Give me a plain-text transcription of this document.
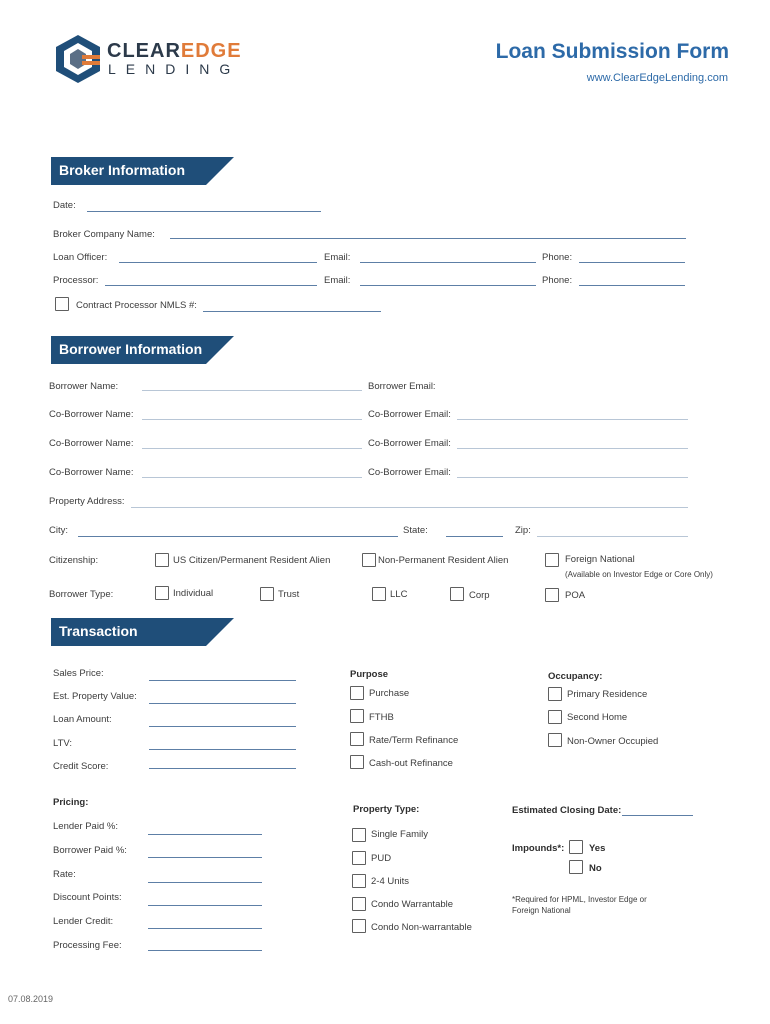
CLEAREDGE
LENDING
Loan Submission Form
www.ClearEdgeLending.com
Broker Information
Date:
Broker Company Name:
Loan Officer:	Email:	Phone:
Processor:	Email:	Phone:
Contract Processor NMLS #:
Borrower Information
Borrower Name:	Borrower Email:
Co-Borrower Name:	Co-Borrower Email:
Co-Borrower Name:	Co-Borrower Email:
Co-Borrower Name:	Co-Borrower Email:
Property Address:
City:	State:	Zip:
Citizenship:	US Citizen/Permanent Resident Alien	Non-Permanent Resident Alien	Foreign National
(Available on Investor Edge or Core Only)
Borrower Type:	Individual	Trust	LLC	Corp	POA
Transaction
Sales Price:
Est. Property Value:
Loan Amount:
LTV:
Credit Score:
Purpose
Purchase
FTHB
Rate/Term Refinance
Cash-out Refinance
Occupancy:
Primary Residence
Second Home
Non-Owner Occupied
Pricing:
Lender Paid %:
Borrower Paid %:
Rate:
Discount Points:
Lender Credit:
Processing Fee:
Property Type:
Single Family
PUD
2-4 Units
Condo Warrantable
Condo Non-warrantable
Estimated Closing Date:
Impounds*:	Yes
No
*Required for HPML, Investor Edge or
Foreign National
07.08.2019
